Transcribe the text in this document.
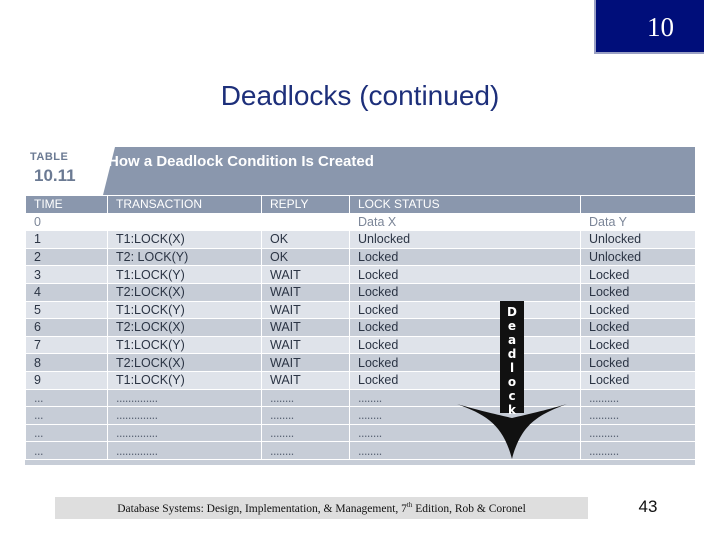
10
Deadlocks (continued)
TABLE
10.11
How a Deadlock Condition Is Created
TIME	TRANSACTION	REPLY	LOCK STATUS	
0			Data X	Data Y
1	T1:LOCK(X)	OK	Unlocked	Unlocked
2	T2: LOCK(Y)	OK	Locked	Unlocked
3	T1:LOCK(Y)	WAIT	Locked	Locked
4	T2:LOCK(X)	WAIT	Locked	Locked
5	T1:LOCK(Y)	WAIT	Locked	Locked
6	T2:LOCK(X)	WAIT	Locked	Locked
7	T1:LOCK(Y)	WAIT	Locked	Locked
8	T2:LOCK(X)	WAIT	Locked	Locked
9	T1:LOCK(Y)	WAIT	Locked	Locked
...	..............	........	........	..........
...	..............	........	........	..........
...	..............	........	........	..........
...	..............	........	........	..........
D
e
a
d
l
o
c
k
Database Systems: Design, Implementation, & Management, 7th Edition, Rob & Coronel	43
